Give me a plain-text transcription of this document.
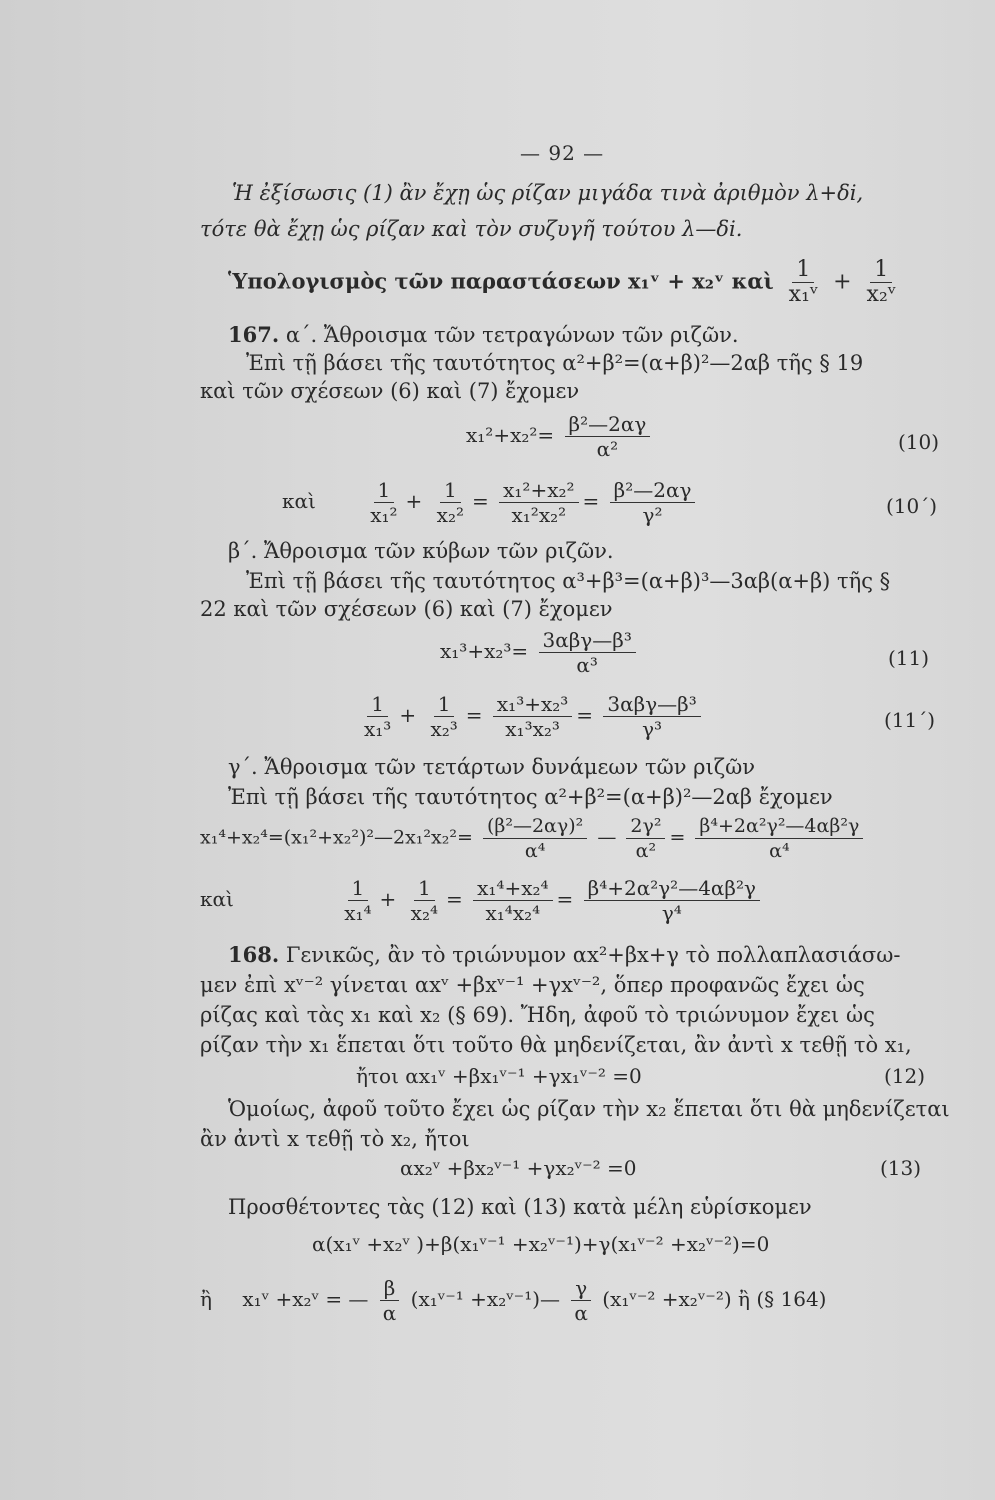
— 92 —
Ἡ ἐξίσωσις (1) ἂν ἔχῃ ὡς ρίζαν μιγάδα τινὰ ἀριθμὸν λ+δi,
τότε θὰ ἔχῃ ὡς ρίζαν καὶ τὸν συζυγῆ τούτου λ—δi.
Ὑπολογισμὸς τῶν παραστάσεων x₁ᵛ + x₂ᵛ καὶ $\frac{1}{\text{x₁ᵛ}} + \frac{1}{\text{x₂ᵛ}}$
167. α΄. Ἄθροισμα τῶν τετραγώνων τῶν ριζῶν.
Ἐπὶ τῇ βάσει τῆς ταυτότητος α²+β²=(α+β)²—2αβ τῆς § 19
καὶ τῶν σχέσεων (6) καὶ (7) ἔχομεν
$x_1^2+x_2^2= \frac{\text{β²—2αγ}}{\text{α²}}$	(10)
καὶ	$\frac{1}{\text{x₁²}} + \frac{1}{\text{x₂²}} = \frac{\text{x₁²+x₂²}}{\text{x₁²x₂²}} = \frac{\text{β²—2αγ}}{\text{γ²}}$	(10΄)
β΄. Ἄθροισμα τῶν κύβων τῶν ριζῶν.
Ἐπὶ τῇ βάσει τῆς ταυτότητος α³+β³=(α+β)³—3αβ(α+β) τῆς §
22 καὶ τῶν σχέσεων (6) καὶ (7) ἔχομεν
$x_1^3+x_2^3= \frac{\text{3αβγ—β³}}{\text{α³}}$	(11)
$\frac{1}{\text{x₁³}} + \frac{1}{\text{x₂³}} = \frac{\text{x₁³+x₂³}}{\text{x₁³x₂³}} = \frac{\text{3αβγ—β³}}{\text{γ³}}$	(11΄)
γ΄. Ἄθροισμα τῶν τετάρτων δυνάμεων τῶν ριζῶν
Ἐπὶ τῇ βάσει τῆς ταυτότητος α²+β²=(α+β)²—2αβ ἔχομεν
x₁⁴+x₂⁴=(x₁²+x₂²)²—2x₁²x₂²= $\frac{\text{(β²—2αγ)²}}{\text{α⁴}}$ — $\frac{\text{2γ²}}{\text{α²}} = \frac{\text{β⁴+2α²γ²—4αβ²γ}}{\text{α⁴}}$
καὶ	$\frac{1}{\text{x₁⁴}} + \frac{1}{\text{x₂⁴}} = \frac{\text{x₁⁴+x₂⁴}}{\text{x₁⁴x₂⁴}} = \frac{\text{β⁴+2α²γ²—4αβ²γ}}{\text{γ⁴}}$
168. Γενικῶς, ἂν τὸ τριώνυμον αx²+βx+γ τὸ πολλαπλασιάσω-
μεν ἐπὶ xᵛ⁻² γίνεται αxᵛ +βxᵛ⁻¹ +γxᵛ⁻², ὅπερ προφανῶς ἔχει ὡς
ρίζας καὶ τὰς x₁ καὶ x₂ (§ 69). Ἤδη, ἀφοῦ τὸ τριώνυμον ἔχει ὡς
ρίζαν τὴν x₁ ἕπεται ὅτι τοῦτο θὰ μηδενίζεται, ἂν ἀντὶ x τεθῇ τὸ x₁,
ἤτοι αx₁ᵛ +βx₁ᵛ⁻¹ +γx₁ᵛ⁻² =0	(12)
Ὁμοίως, ἀφοῦ τοῦτο ἔχει ὡς ρίζαν τὴν x₂ ἕπεται ὅτι θὰ μηδενίζεται
ἂν ἀντὶ x τεθῇ τὸ x₂, ἤτοι
αx₂ᵛ +βx₂ᵛ⁻¹ +γx₂ᵛ⁻² =0	(13)
Προσθέτοντες τὰς (12) καὶ (13) κατὰ μέλη εὑρίσκομεν
α(x₁ᵛ +x₂ᵛ )+β(x₁ᵛ⁻¹ +x₂ᵛ⁻¹)+γ(x₁ᵛ⁻² +x₂ᵛ⁻²)=0
ἢ x₁ᵛ +x₂ᵛ = — $\frac{\beta}{\alpha}$ (x₁ᵛ⁻¹ +x₂ᵛ⁻¹)— $\frac{\gamma}{\alpha}$ (x₁ᵛ⁻² +x₂ᵛ⁻²) ἢ (§ 164)
